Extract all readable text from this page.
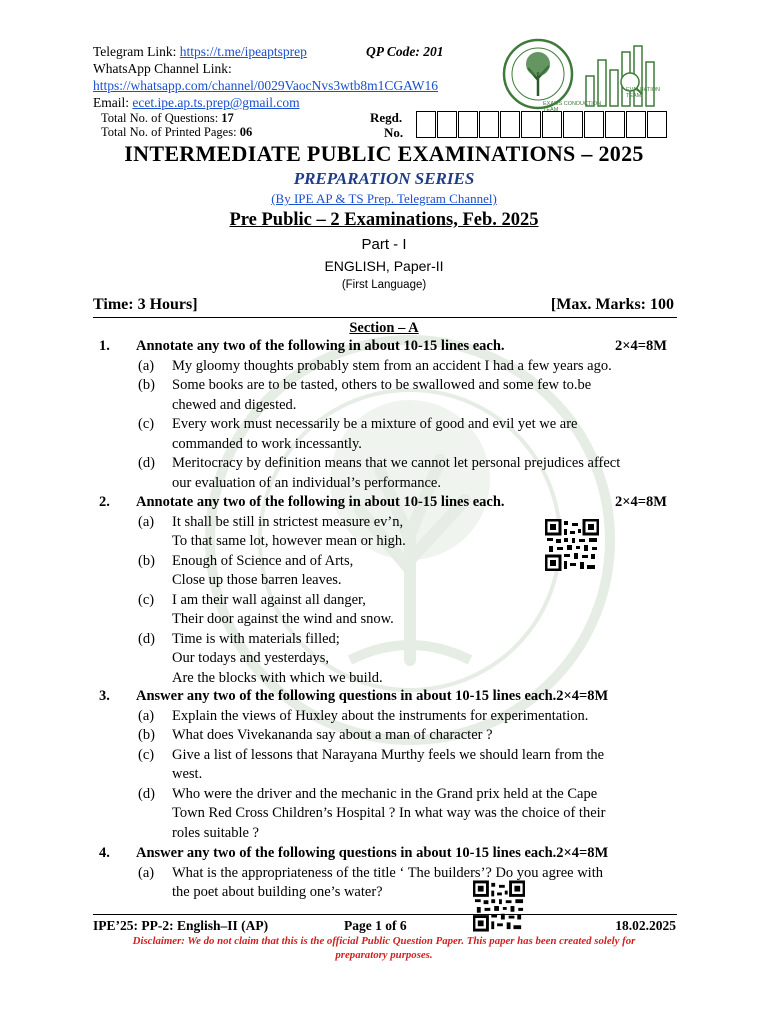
Telegram Link: https://t.me/ipeaptsprep	QP Code: 201
WhatsApp Channel Link:
https://whatsapp.com/channel/0029VaocNvs3wtb8m1CGAW16
Email: ecet.ipe.ap.ts.prep@gmail.com
Total No. of Questions: 17
Total No. of Printed Pages: 06
Regd.
No.
EXAMS CONDUCTION TEAM
EVALUATION TEAM
INTERMEDIATE PUBLIC EXAMINATIONS – 2025
PREPARATION SERIES
(By IPE AP & TS Prep. Telegram Channel)
Pre Public – 2 Examinations, Feb. 2025
Part - I
ENGLISH, Paper-II
(First Language)
Time: 3 Hours]	[Max. Marks: 100
Section – A
1. Annotate any two of the following in about 10-15 lines each.	2×4=8M
(a) My gloomy thoughts probably stem from an accident I had a few years ago.
(b) Some books are to be tasted, others to be swallowed and some few to.be
chewed and digested.
(c) Every work must necessarily be a mixture of good and evil yet we are
commanded to work incessantly.
(d) Meritocracy by definition means that we cannot let personal prejudices affect
our evaluation of an individual’s performance.
2. Annotate any two of the following in about 10-15 lines each.	2×4=8M
(a) It shall be still in strictest measure ev’n,
To that same lot, however mean or high.
(b) Enough of Science and of Arts,
Close up those barren leaves.
(c) I am their wall against all danger,
Their door against the wind and snow.
(d) Time is with materials filled;
Our todays and yesterdays,
Are the blocks with which we build.
3. Answer any two of the following questions in about 10-15 lines each.2×4=8M
(a) Explain the views of Huxley about the instruments for experimentation.
(b) What does Vivekananda say about a man of character ?
(c) Give a list of lessons that Narayana Murthy feels we should learn from the
west.
(d) Who were the driver and the mechanic in the Grand prix held at the Cape
Town Red Cross Children’s Hospital ? In what way was the choice of their
roles suitable ?
4. Answer any two of the following questions in about 10-15 lines each.2×4=8M
(a) What is the appropriateness of the title ‘ The builders’? Do you agree with
the poet about building one’s water?
IPE’25: PP-2: English–II (AP)	Page 1 of 6	18.02.2025
Disclaimer: We do not claim that this is the official Public Question Paper. This paper has been created solely for
preparatory purposes.
